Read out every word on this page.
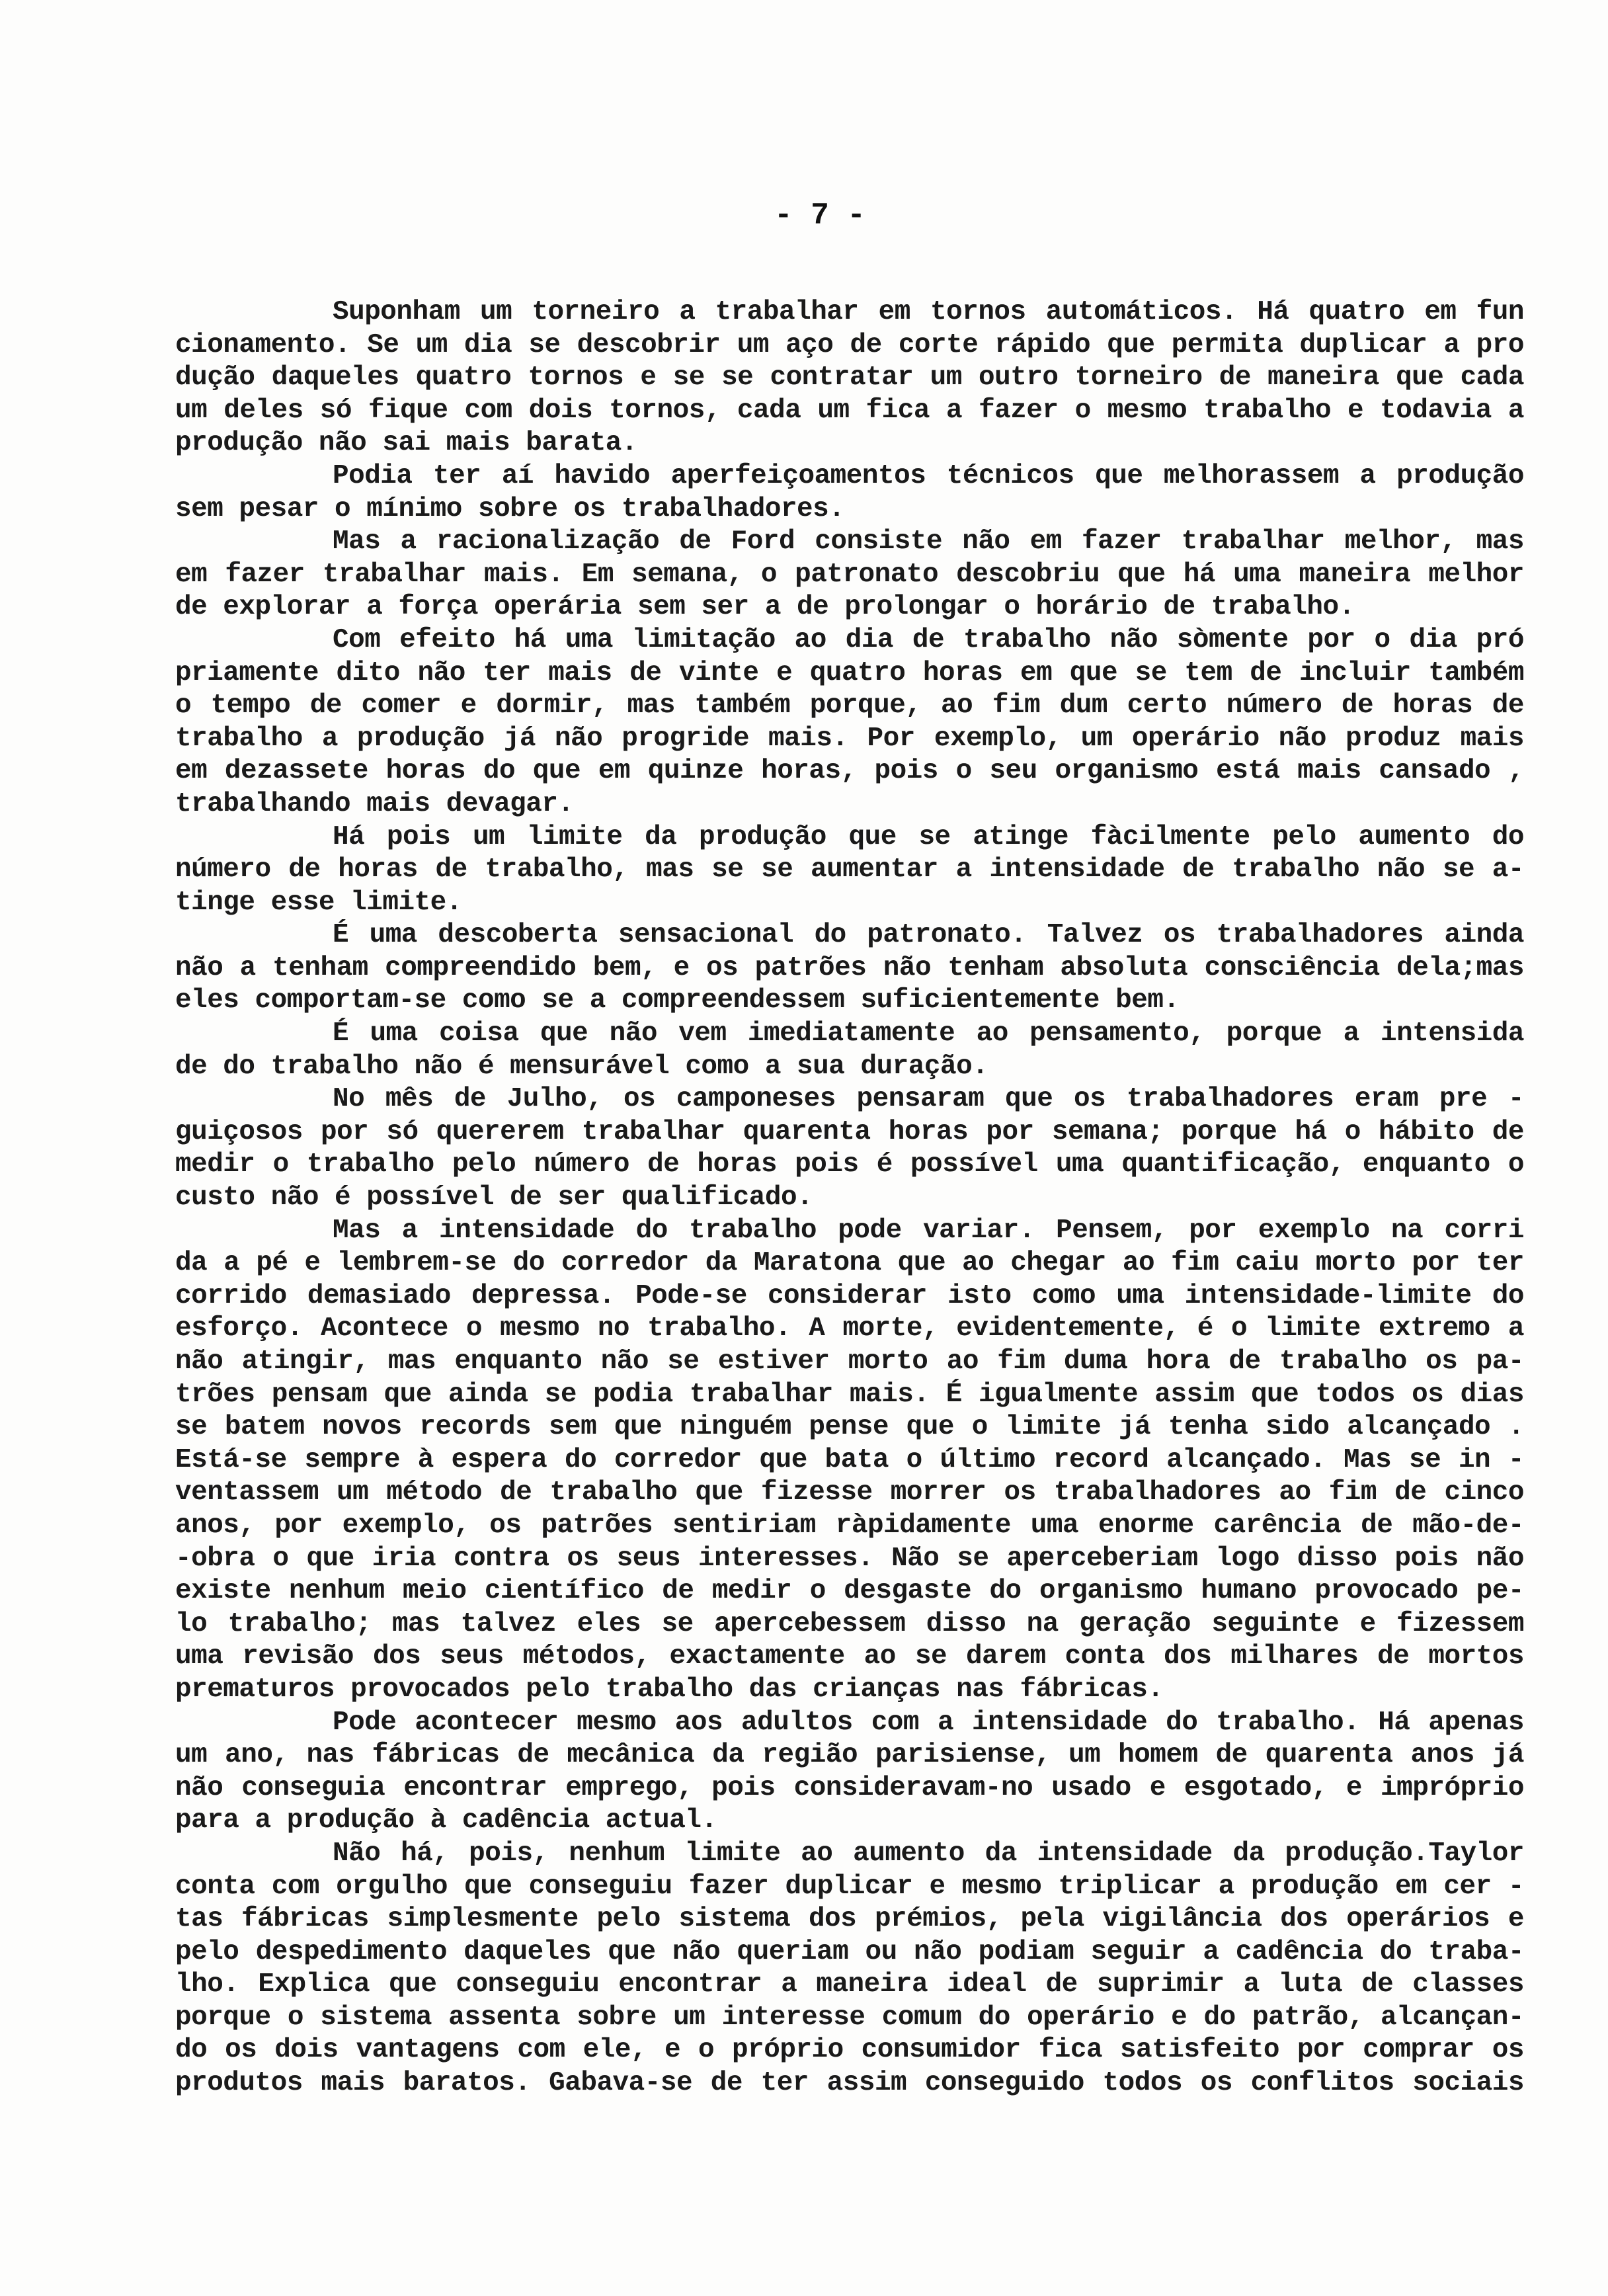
- 7 -
Suponham um torneiro a trabalhar em tornos automáticos. Há quatro em fun
cionamento. Se um dia se descobrir um aço de corte rápido que permita duplicar a pro
dução daqueles quatro tornos e se se contratar um outro torneiro de maneira que cada
um deles só fique com dois tornos, cada um fica a fazer o mesmo trabalho e todavia a
produção não sai mais barata.
Podia ter aí havido aperfeiçoamentos técnicos que melhorassem a produção
sem pesar o mínimo sobre os trabalhadores.
Mas a racionalização de Ford consiste não em fazer trabalhar melhor, mas
em fazer trabalhar mais. Em semana, o patronato descobriu que há uma maneira melhor
de explorar a força operária sem ser a de prolongar o horário de trabalho.
Com efeito há uma limitação ao dia de trabalho não sòmente por o dia pró
priamente dito não ter mais de vinte e quatro horas em que se tem de incluir também
o tempo de comer e dormir, mas também porque, ao fim dum certo número de horas de
trabalho a produção já não progride mais. Por exemplo, um operário não produz mais
em dezassete horas do que em quinze horas, pois o seu organismo está mais cansado ,
trabalhando mais devagar.
Há pois um limite da produção que se atinge fàcilmente pelo aumento do
número de horas de trabalho, mas se se aumentar a intensidade de trabalho não se a-
tinge esse limite.
É uma descoberta sensacional do patronato. Talvez os trabalhadores ainda
não a tenham compreendido bem, e os patrões não tenham absoluta consciência dela;mas
eles comportam-se como se a compreendessem suficientemente bem.
É uma coisa que não vem imediatamente ao pensamento, porque a intensida
de do trabalho não é mensurável como a sua duração.
No mês de Julho, os camponeses pensaram que os trabalhadores eram pre -
guiçosos por só quererem trabalhar quarenta horas por semana; porque há o hábito de
medir o trabalho pelo número de horas pois é possível uma quantificação, enquanto o
custo não é possível de ser qualificado.
Mas a intensidade do trabalho pode variar. Pensem, por exemplo na corri
da a pé e lembrem-se do corredor da Maratona que ao chegar ao fim caiu morto por ter
corrido demasiado depressa. Pode-se considerar isto como uma intensidade-limite do
esforço. Acontece o mesmo no trabalho. A morte, evidentemente, é o limite extremo a
não atingir, mas enquanto não se estiver morto ao fim duma hora de trabalho os pa-
trões pensam que ainda se podia trabalhar mais. É igualmente assim que todos os dias
se batem novos records sem que ninguém pense que o limite já tenha sido alcançado .
Está-se sempre à espera do corredor que bata o último record alcançado. Mas se in -
ventassem um método de trabalho que fizesse morrer os trabalhadores ao fim de cinco
anos, por exemplo, os patrões sentiriam ràpidamente uma enorme carência de mão-de-
-obra o que iria contra os seus interesses. Não se aperceberiam logo disso pois não
existe nenhum meio científico de medir o desgaste do organismo humano provocado pe-
lo trabalho; mas talvez eles se apercebessem disso na geração seguinte e fizessem
uma revisão dos seus métodos, exactamente ao se darem conta dos milhares de mortos
prematuros provocados pelo trabalho das crianças nas fábricas.
Pode acontecer mesmo aos adultos com a intensidade do trabalho. Há apenas
um ano, nas fábricas de mecânica da região parisiense, um homem de quarenta anos já
não conseguia encontrar emprego, pois consideravam-no usado e esgotado, e impróprio
para a produção à cadência actual.
Não há, pois, nenhum limite ao aumento da intensidade da produção.Taylor
conta com orgulho que conseguiu fazer duplicar e mesmo triplicar a produção em cer -
tas fábricas simplesmente pelo sistema dos prémios, pela vigilância dos operários e
pelo despedimento daqueles que não queriam ou não podiam seguir a cadência do traba-
lho. Explica que conseguiu encontrar a maneira ideal de suprimir a luta de classes
porque o sistema assenta sobre um interesse comum do operário e do patrão, alcançan-
do os dois vantagens com ele, e o próprio consumidor fica satisfeito por comprar os
produtos mais baratos. Gabava-se de ter assim conseguido todos os conflitos sociais
